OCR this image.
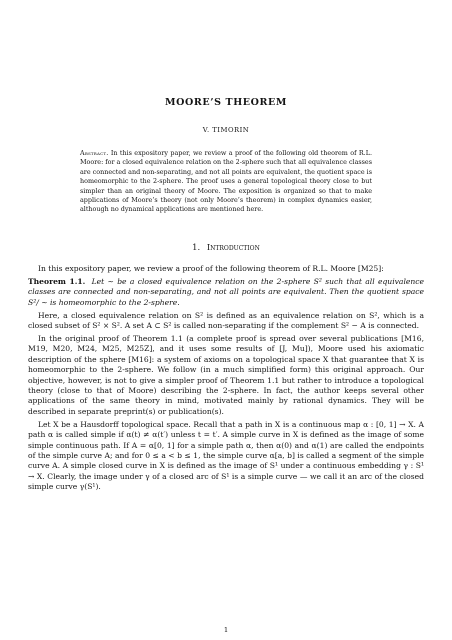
MOORE’S THEOREM
V. TIMORIN
Abstract. In this expository paper, we review a proof of the following old theorem of R.L. Moore: for a closed equivalence relation on the 2-sphere such that all equivalence classes are connected and non-separating, and not all points are equivalent, the quotient space is homeomorphic to the 2-sphere. The proof uses a general topological theory close to but simpler than an original theory of Moore. The exposition is organized so that to make applications of Moore’s theory (not only Moore’s theorem) in complex dynamics easier, although no dynamical applications are mentioned here.
1. Introduction

In this expository paper, we review a proof of the following theorem of R.L. Moore [M25]:

Theorem 1.1. Let ∼ be a closed equivalence relation on the 2-sphere S² such that all equivalence classes are connected and non-separating, and not all points are equivalent. Then the quotient space S²/ ∼ is homeomorphic to the 2-sphere.

Here, a closed equivalence relation on S² is defined as an equivalence relation on S², which is a closed subset of S² × S². A set A ⊂ S² is called non-separating if the complement S² − A is connected.

In the original proof of Theorem 1.1 (a complete proof is spread over several publications [M16, M19, M20, M24, M25, M25Z], and it uses some results of [J, Mu]), Moore used his axiomatic description of the sphere [M16]: a system of axioms on a topological space X that guarantee that X is homeomorphic to the 2-sphere. We follow (in a much simplified form) this original approach. Our objective, however, is not to give a simpler proof of Theorem 1.1 but rather to introduce a topological theory (close to that of Moore) describing the 2-sphere. In fact, the author keeps several other applications of the same theory in mind, motivated mainly by rational dynamics. They will be described in separate preprint(s) or publication(s).

Let X be a Hausdorff topological space. Recall that a path in X is a continuous map α : [0, 1] → X. A path α is called simple if α(t) ≠ α(t′) unless t = t′. A simple curve in X is defined as the image of some simple continuous path. If A = α[0, 1] for a simple path α, then α(0) and α(1) are called the endpoints of the simple curve A; and for 0 ≤ a < b ≤ 1, the simple curve α[a, b] is called a segment of the simple curve A. A simple closed curve in X is defined as the image of S¹ under a continuous embedding γ : S¹ → X. Clearly, the image under γ of a closed arc of S¹ is a simple curve — we call it an arc of the closed simple curve γ(S¹).

1
